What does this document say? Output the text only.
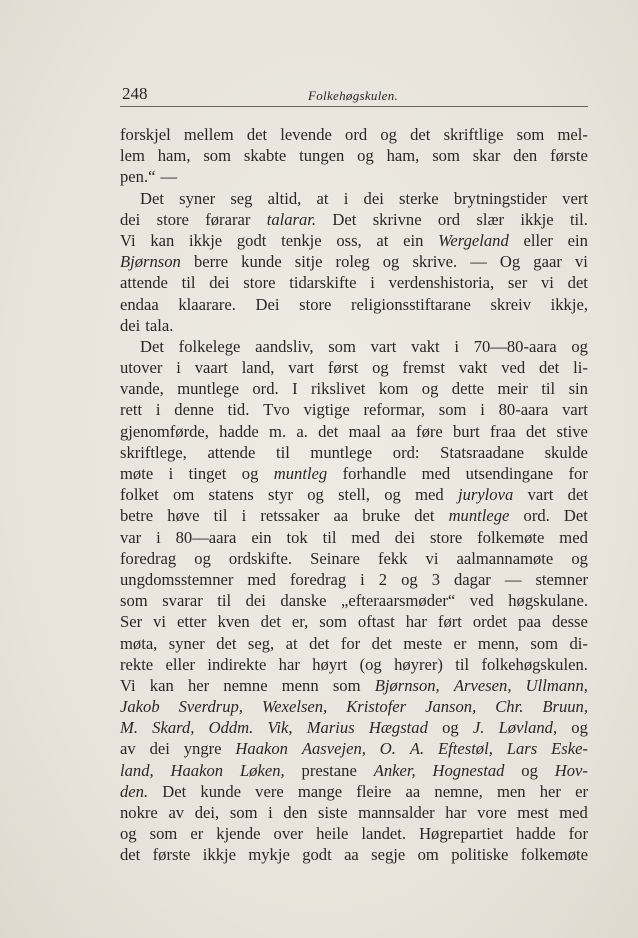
248	Folkehøgskulen.
forskjel mellem det levende ord og det skriftlige som mel-
lem ham, som skabte tungen og ham, som skar den første
pen.“ —
Det syner seg altid, at i dei sterke brytningstider vert
dei store førarar talarar. Det skrivne ord slær ikkje til.
Vi kan ikkje godt tenkje oss, at ein Wergeland eller ein
Bjørnson berre kunde sitje roleg og skrive. — Og gaar vi
attende til dei store tidarskifte i verdenshistoria, ser vi det
endaa klaarare. Dei store religionsstiftarane skreiv ikkje,
dei tala.
Det folkelege aandsliv, som vart vakt i 70—80-aara og
utover i vaart land, vart først og fremst vakt ved det li-
vande, muntlege ord. I rikslivet kom og dette meir til sin
rett i denne tid. Tvo vigtige reformar, som i 80-aara vart
gjenomførde, hadde m. a. det maal aa føre burt fraa det stive
skriftlege, attende til muntlege ord: Statsraadane skulde
møte i tinget og muntleg forhandle med utsendingane for
folket om statens styr og stell, og med jurylova vart det
betre høve til i retssaker aa bruke det muntlege ord. Det
var i 80—aara ein tok til med dei store folkemøte med
foredrag og ordskifte. Seinare fekk vi aalmannamøte og
ungdomsstemner med foredrag i 2 og 3 dagar — stemner
som svarar til dei danske „efteraarsmøder“ ved høgskulane.
Ser vi etter kven det er, som oftast har ført ordet paa desse
møta, syner det seg, at det for det meste er menn, som di-
rekte eller indirekte har høyrt (og høyrer) til folkehøgskulen.
Vi kan her nemne menn som Bjørnson, Arvesen, Ullmann,
Jakob Sverdrup, Wexelsen, Kristofer Janson, Chr. Bruun,
M. Skard, Oddm. Vik, Marius Hægstad og J. Løvland, og
av dei yngre Haakon Aasvejen, O. A. Eftestøl, Lars Eske-
land, Haakon Løken, prestane Anker, Hognestad og Hov-
den. Det kunde vere mange fleire aa nemne, men her er
nokre av dei, som i den siste mannsalder har vore mest med
og som er kjende over heile landet. Høgrepartiet hadde for
det første ikkje mykje godt aa segje om politiske folkemøte
